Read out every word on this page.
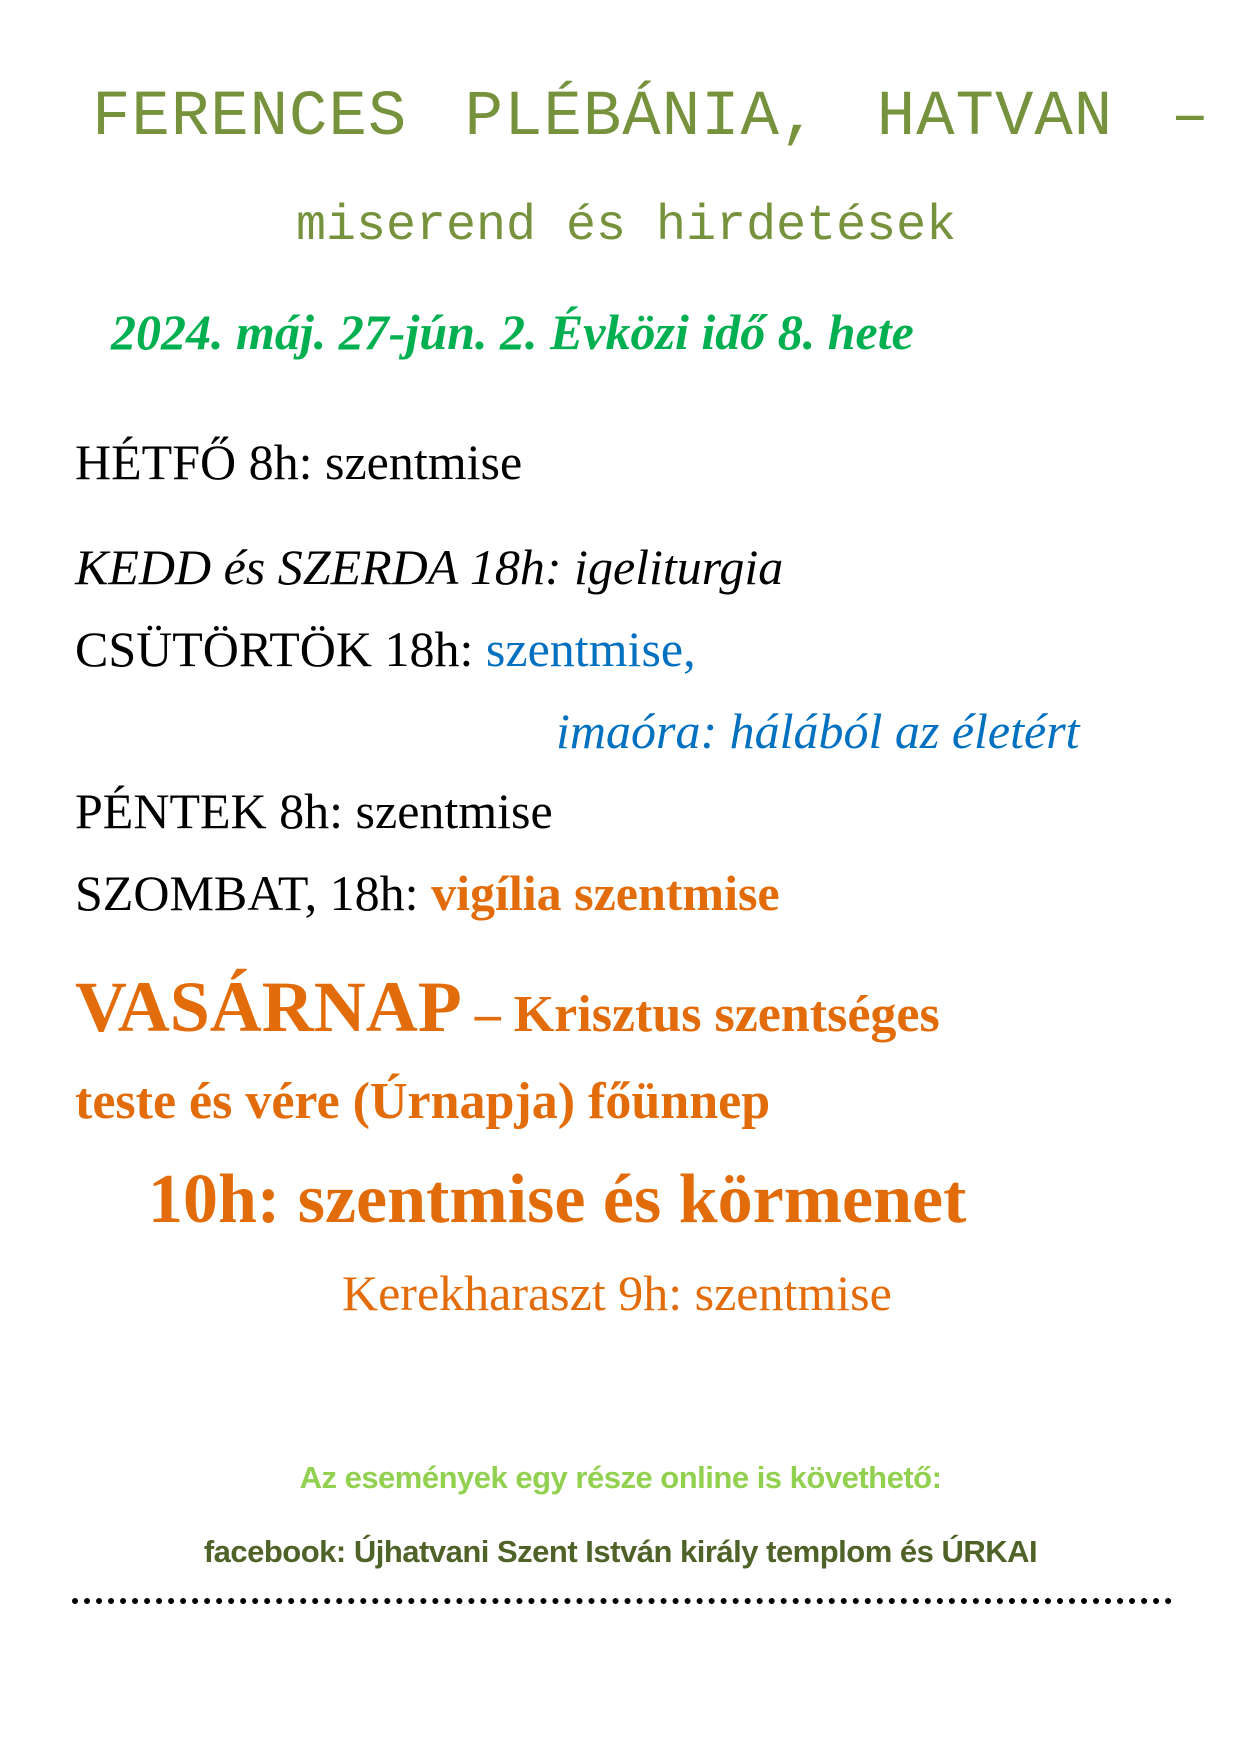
FERENCES PLÉBÁNIA, HATVAN –
miserend és hirdetések
2024. máj. 27-jún. 2. Évközi idő 8. hete
HÉTFŐ 8h: szentmise
KEDD és SZERDA 18h: igeliturgia
CSÜTÖRTÖK 18h: szentmise,
imaóra: hálából az életért
PÉNTEK 8h: szentmise
SZOMBAT, 18h: vigília szentmise
VASÁRNAP – Krisztus szentséges
teste és vére (Úrnapja) főünnep
10h: szentmise és körmenet
Kerekharaszt 9h: szentmise
Az események egy része online is követhető:
facebook: Újhatvani Szent István király templom és ÚRKAI
